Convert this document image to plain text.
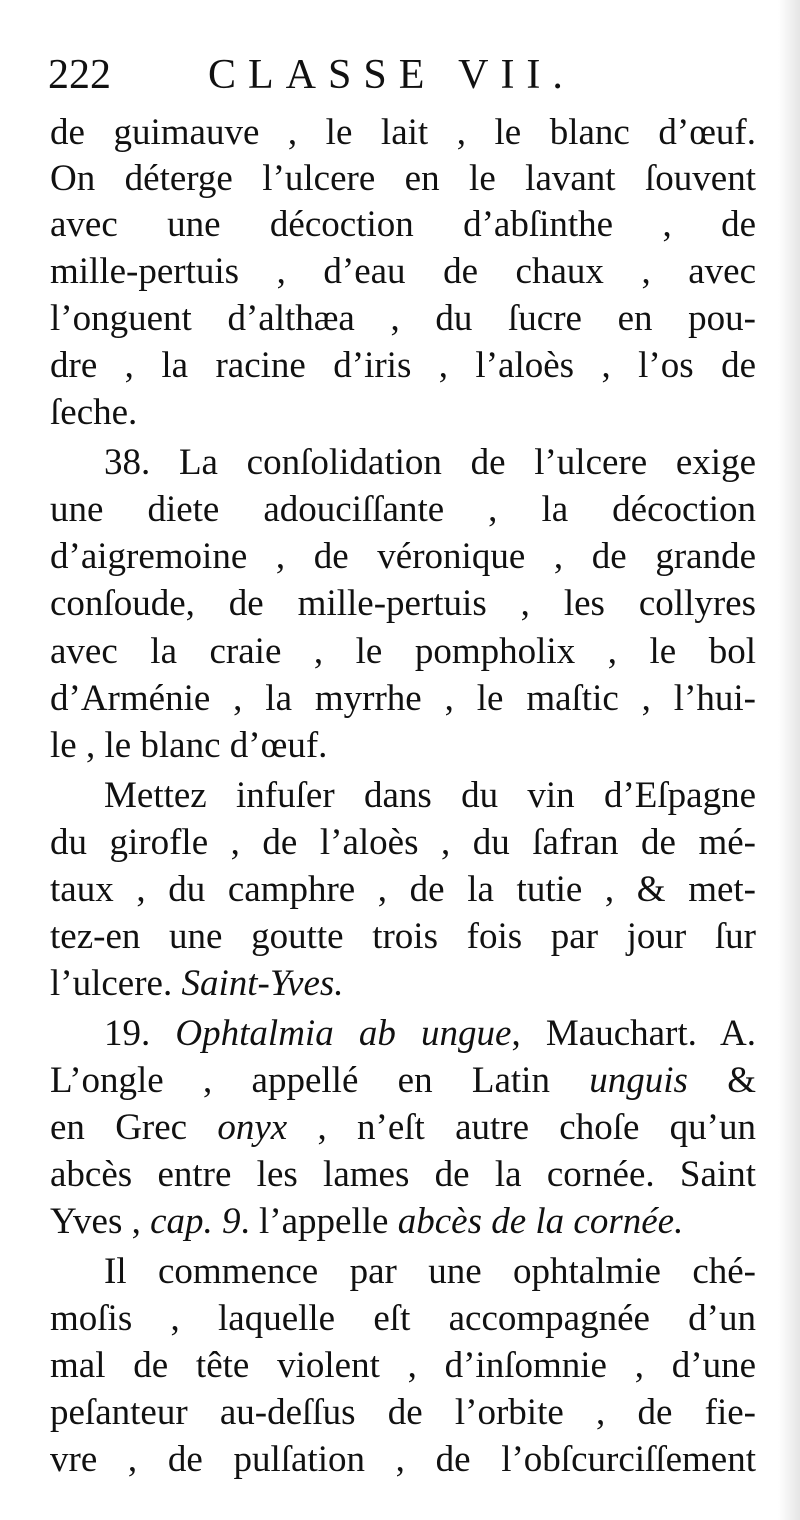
222 CLASSE VII.
de guimauve , le lait , le blanc d’œuf.
On déterge l’ulcere en le lavant ſouvent
avec une décoction d’abſinthe , de
mille-pertuis , d’eau de chaux , avec
l’onguent d’althæa , du ſucre en pou-
dre , la racine d’iris , l’aloès , l’os de
ſeche.
38. La conſolidation de l’ulcere exige
une diete adouciſſante , la décoction
d’aigremoine , de véronique , de grande
conſoude, de mille-pertuis , les collyres
avec la craie , le pompholix , le bol
d’Arménie , la myrrhe , le maſtic , l’hui-
le , le blanc d’œuf.
Mettez infuſer dans du vin d’Eſpagne
du girofle , de l’aloès , du ſafran de mé-
taux , du camphre , de la tutie , & met-
tez-en une goutte trois fois par jour ſur
l’ulcere. Saint-Yves.
19. Ophtalmia ab ungue, Mauchart. A.
L’ongle , appellé en Latin unguis &
en Grec onyx , n’eſt autre choſe qu’un
abcès entre les lames de la cornée. Saint
Yves , cap. 9. l’appelle abcès de la cornée.
Il commence par une ophtalmie ché-
moſis , laquelle eſt accompagnée d’un
mal de tête violent , d’inſomnie , d’une
peſanteur au-deſſus de l’orbite , de fie-
vre , de pulſation , de l’obſcurciſſement
